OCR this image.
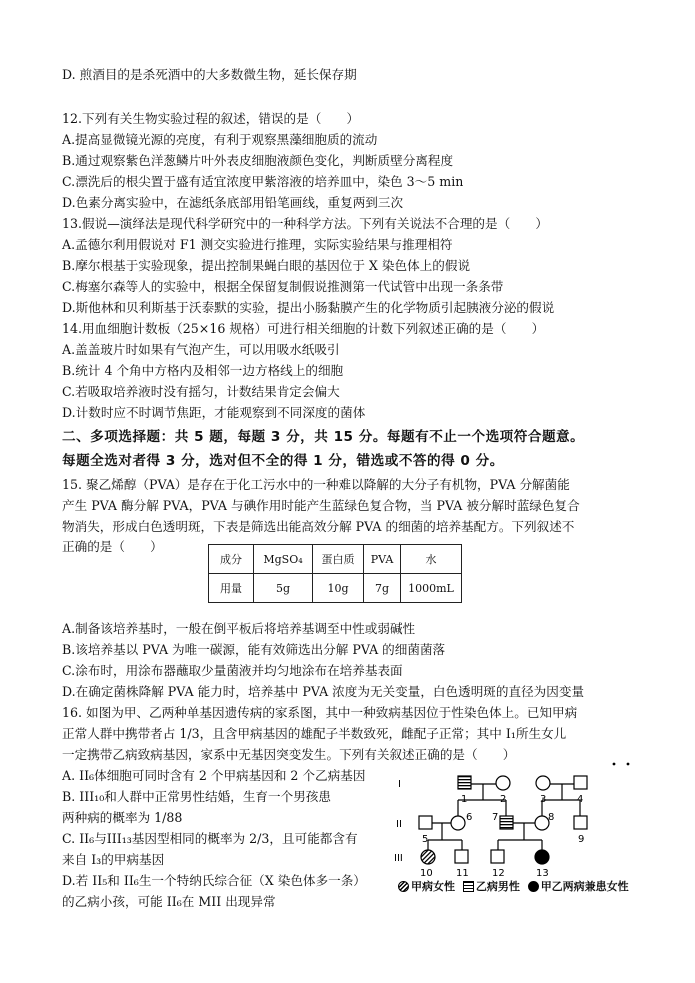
D. 煎酒目的是杀死酒中的大多数微生物，延长保存期
12.下列有关生物实验过程的叙述，错误的是（　　）
A.提高显微镜光源的亮度，有利于观察黑藻细胞质的流动
B.通过观察紫色洋葱鳞片叶外表皮细胞液颜色变化，判断质壁分离程度
C.漂洗后的根尖置于盛有适宜浓度甲紫溶液的培养皿中，染色 3～5 min
D.色素分离实验中，在滤纸条底部用铅笔画线，重复两到三次
13.假说—演绎法是现代科学研究中的一种科学方法。下列有关说法不合理的是（　　）
A.孟德尔利用假说对 F1 测交实验进行推理，实际实验结果与推理相符
B.摩尔根基于实验现象，提出控制果蝇白眼的基因位于 X 染色体上的假说
C.梅塞尔森等人的实验中，根据全保留复制假说推测第一代试管中出现一条条带
D.斯他林和贝利斯基于沃泰默的实验，提出小肠黏膜产生的化学物质引起胰液分泌的假说
14.用血细胞计数板（25×16 规格）可进行相关细胞的计数下列叙述正确的是（　　）
A.盖盖玻片时如果有气泡产生，可以用吸水纸吸引
B.统计 4 个角中方格内及相邻一边方格线上的细胞
C.若吸取培养液时没有摇匀，计数结果肯定会偏大
D.计数时应不时调节焦距，才能观察到不同深度的菌体
二、多项选择题：共 5 题，每题 3 分，共 15 分。每题有不止一个选项符合题意。
每题全选对者得 3 分，选对但不全的得 1 分，错选或不答的得 0 分。
15. 聚乙烯醇（PVA）是存在于化工污水中的一种难以降解的大分子有机物，PVA 分解菌能
产生 PVA 酶分解 PVA，PVA 与碘作用时能产生蓝绿色复合物，当 PVA 被分解时蓝绿色复合
物消失，形成白色透明斑，下表是筛选出能高效分解 PVA 的细菌的培养基配方。下列叙述不
正确的是（　　）
A.制备该培养基时，一般在倒平板后将培养基调至中性或弱碱性
B.该培养基以 PVA 为唯一碳源，能有效筛选出分解 PVA 的细菌菌落
C.涂布时，用涂布器蘸取少量菌液并均匀地涂布在培养基表面
D.在确定菌株降解 PVA 能力时，培养基中 PVA 浓度为无关变量，白色透明斑的直径为因变量
16. 如图为甲、乙两种单基因遗传病的家系图，其中一种致病基因位于性染色体上。已知甲病
正常人群中携带者占 1/3，且含甲病基因的雄配子半数致死，雌配子正常；其中 I₁所生女儿
一定携带乙病致病基因，家系中无基因突变发生。下列有关叙述正确的是（　　）
A. II₆体细胞可同时含有 2 个甲病基因和 2 个乙病基因
B. III₁₀和人群中正常男性结婚，生育一个男孩患
两种病的概率为 1/88
C. II₆与III₁₃基因型相同的概率为 2/3，且可能都含有
来自 I₃的甲病基因
D.若 II₅和 II₆生一个特纳氏综合征（X 染色体多一条）
的乙病小孩，可能 II₆在 MII 出现异常
成分	MgSO₄	蛋白质	PVA	水
用量	5g	10g	7g	1000mL
I
II
III
1	2	3	4
5
6 7	8
9
10 11 12	13
甲病女性 乙病男性 甲乙两病兼患女性
